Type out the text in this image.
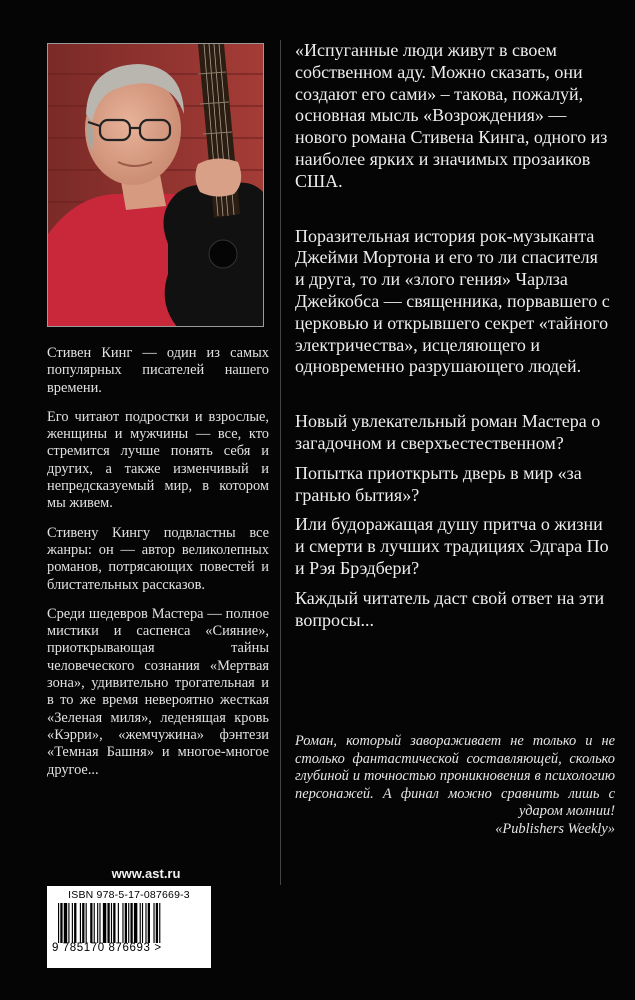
Стивен Кинг — один из самых популярных писателей нашего времени.

Его читают подростки и взрослые, женщины и мужчины — все, кто стремится лучше понять себя и других, а также изменчивый и непредсказуемый мир, в котором мы живем.

Стивену Кингу подвластны все жанры: он — автор великолепных романов, потрясающих повестей и блистательных рассказов.

Среди шедевров Мастера — полное мистики и саспенса «Сияние», приоткрывающая тайны человеческого сознания «Мертвая зона», удивительно трогательная и в то же время невероятно жесткая «Зеленая миля», леденящая кровь «Кэрри», «жемчужина» фэнтези «Темная Башня» и многое-многое другое...

«Испуганные люди живут в своем собственном аду. Можно сказать, они создают его сами» – такова, пожалуй, основная мысль «Возрождения» — нового романа Стивена Кинга, одного из наиболее ярких и значимых прозаиков США.

Поразительная история рок-музыканта Джейми Мортона и его то ли спасителя и друга, то ли «злого гения» Чарлза Джейкобса — священника, порвавшего с церковью и открывшего секрет «тайного электричества», исцеляющего и одновременно разрушающего людей.

Новый увлекательный роман Мастера о загадочном и сверхъестественном?

Попытка приоткрыть дверь в мир «за гранью бытия»?

Или будоражащая душу притча о жизни и смерти в лучших традициях Эдгара По и Рэя Брэдбери?

Каждый читатель даст свой ответ на эти вопросы...

Роман, который завораживает не только и не столько фантастической составляющей, сколько глубиной и точностью проникновения в психологию персонажей. А финал можно сравнить лишь с ударом молнии!

«Publishers Weekly»

www.ast.ru

ISBN 978-5-17-087669-3

9 785170 876693 >
